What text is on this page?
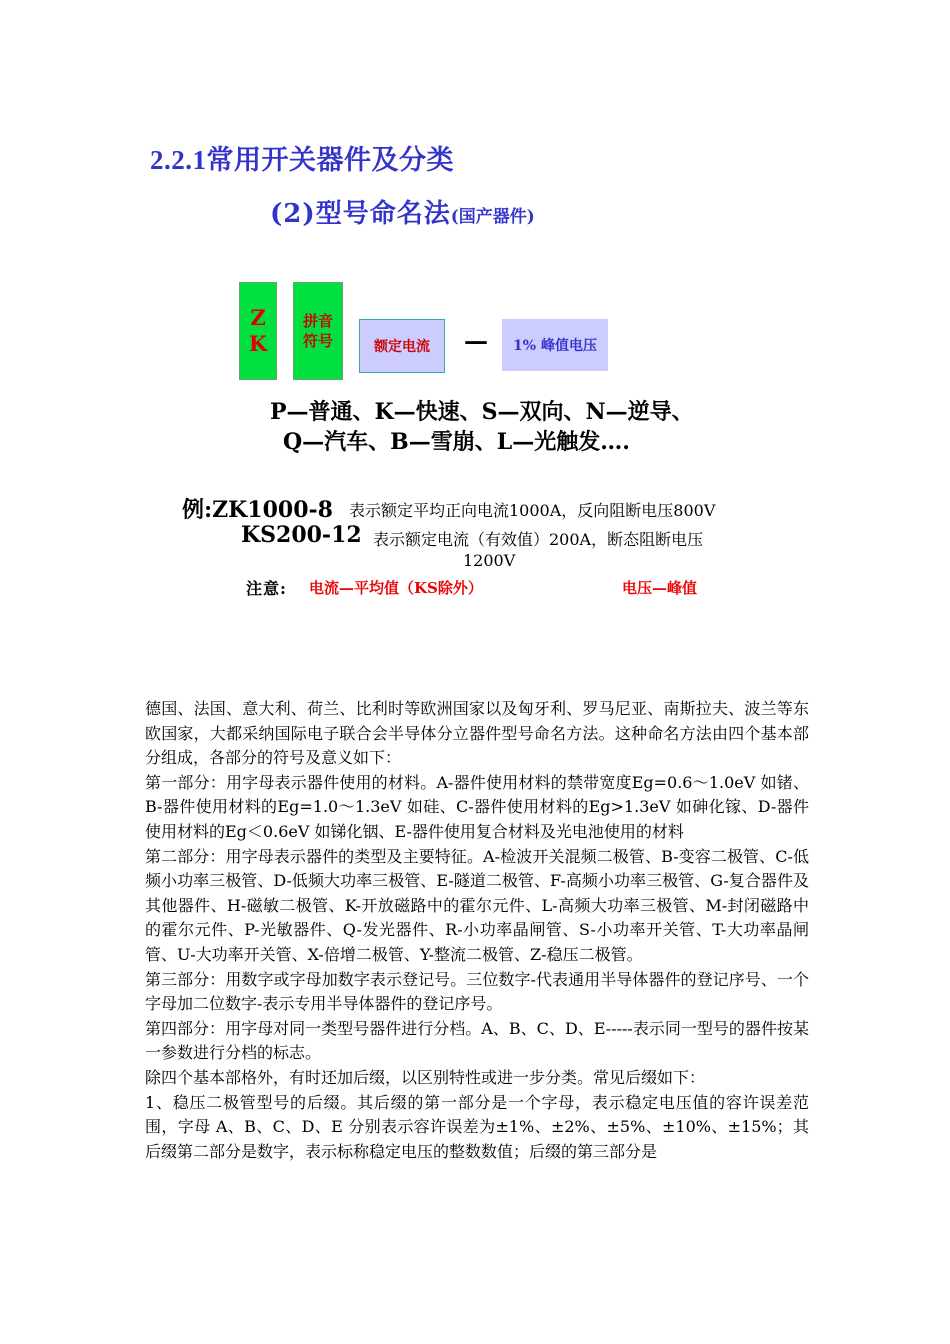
2.2.1常用开关器件及分类
(2)型号命名法(国产器件)
Z
K
拼音
符号	额定电流	—	1% 峰值电压
P—普通、K—快速、S—双向、N—逆导、
Q—汽车、B—雪崩、L—光触发….
例:ZK1000-8 表示额定平均正向电流1000A，反向阻断电压800V
KS200-12 表示额定电流（有效值）200A，断态阻断电压
1200V
注意: 电流—平均值（KS除外）	电压—峰值

德国、法国、意大利、荷兰、比利时等欧洲国家以及匈牙利、罗马尼亚、南斯拉夫、波兰等东欧国家，大都采纳国际电子联合会半导体分立器件型号命名方法。这种命名方法由四个基本部分组成，各部分的符号及意义如下：

第一部分：用字母表示器件使用的材料。A-器件使用材料的禁带宽度Eg=0.6～1.0eV 如锗、B-器件使用材料的Eg=1.0～1.3eV 如硅、C-器件使用材料的Eg>1.3eV 如砷化镓、D-器件使用材料的Eg＜0.6eV 如锑化铟、E-器件使用复合材料及光电池使用的材料

第二部分：用字母表示器件的类型及主要特征。A-检波开关混频二极管、B-变容二极管、C-低频小功率三极管、D-低频大功率三极管、E-隧道二极管、F-高频小功率三极管、G-复合器件及其他器件、H-磁敏二极管、K-开放磁路中的霍尔元件、L-高频大功率三极管、M-封闭磁路中的霍尔元件、P-光敏器件、Q-发光器件、R-小功率晶闸管、S-小功率开关管、T-大功率晶闸管、U-大功率开关管、X-倍增二极管、Y-整流二极管、Z-稳压二极管。

第三部分：用数字或字母加数字表示登记号。三位数字-代表通用半导体器件的登记序号、一个字母加二位数字-表示专用半导体器件的登记序号。

第四部分：用字母对同一类型号器件进行分档。A、B、C、D、E-----表示同一型号的器件按某一参数进行分档的标志。

除四个基本部格外，有时还加后缀，以区别特性或进一步分类。常见后缀如下：

1、稳压二极管型号的后缀。其后缀的第一部分是一个字母，表示稳定电压值的容许误差范围，字母 A、B、C、D、E 分别表示容许误差为±1%、±2%、±5%、±10%、±15%；其后缀第二部分是数字，表示标称稳定电压的整数数值；后缀的第三部分是
